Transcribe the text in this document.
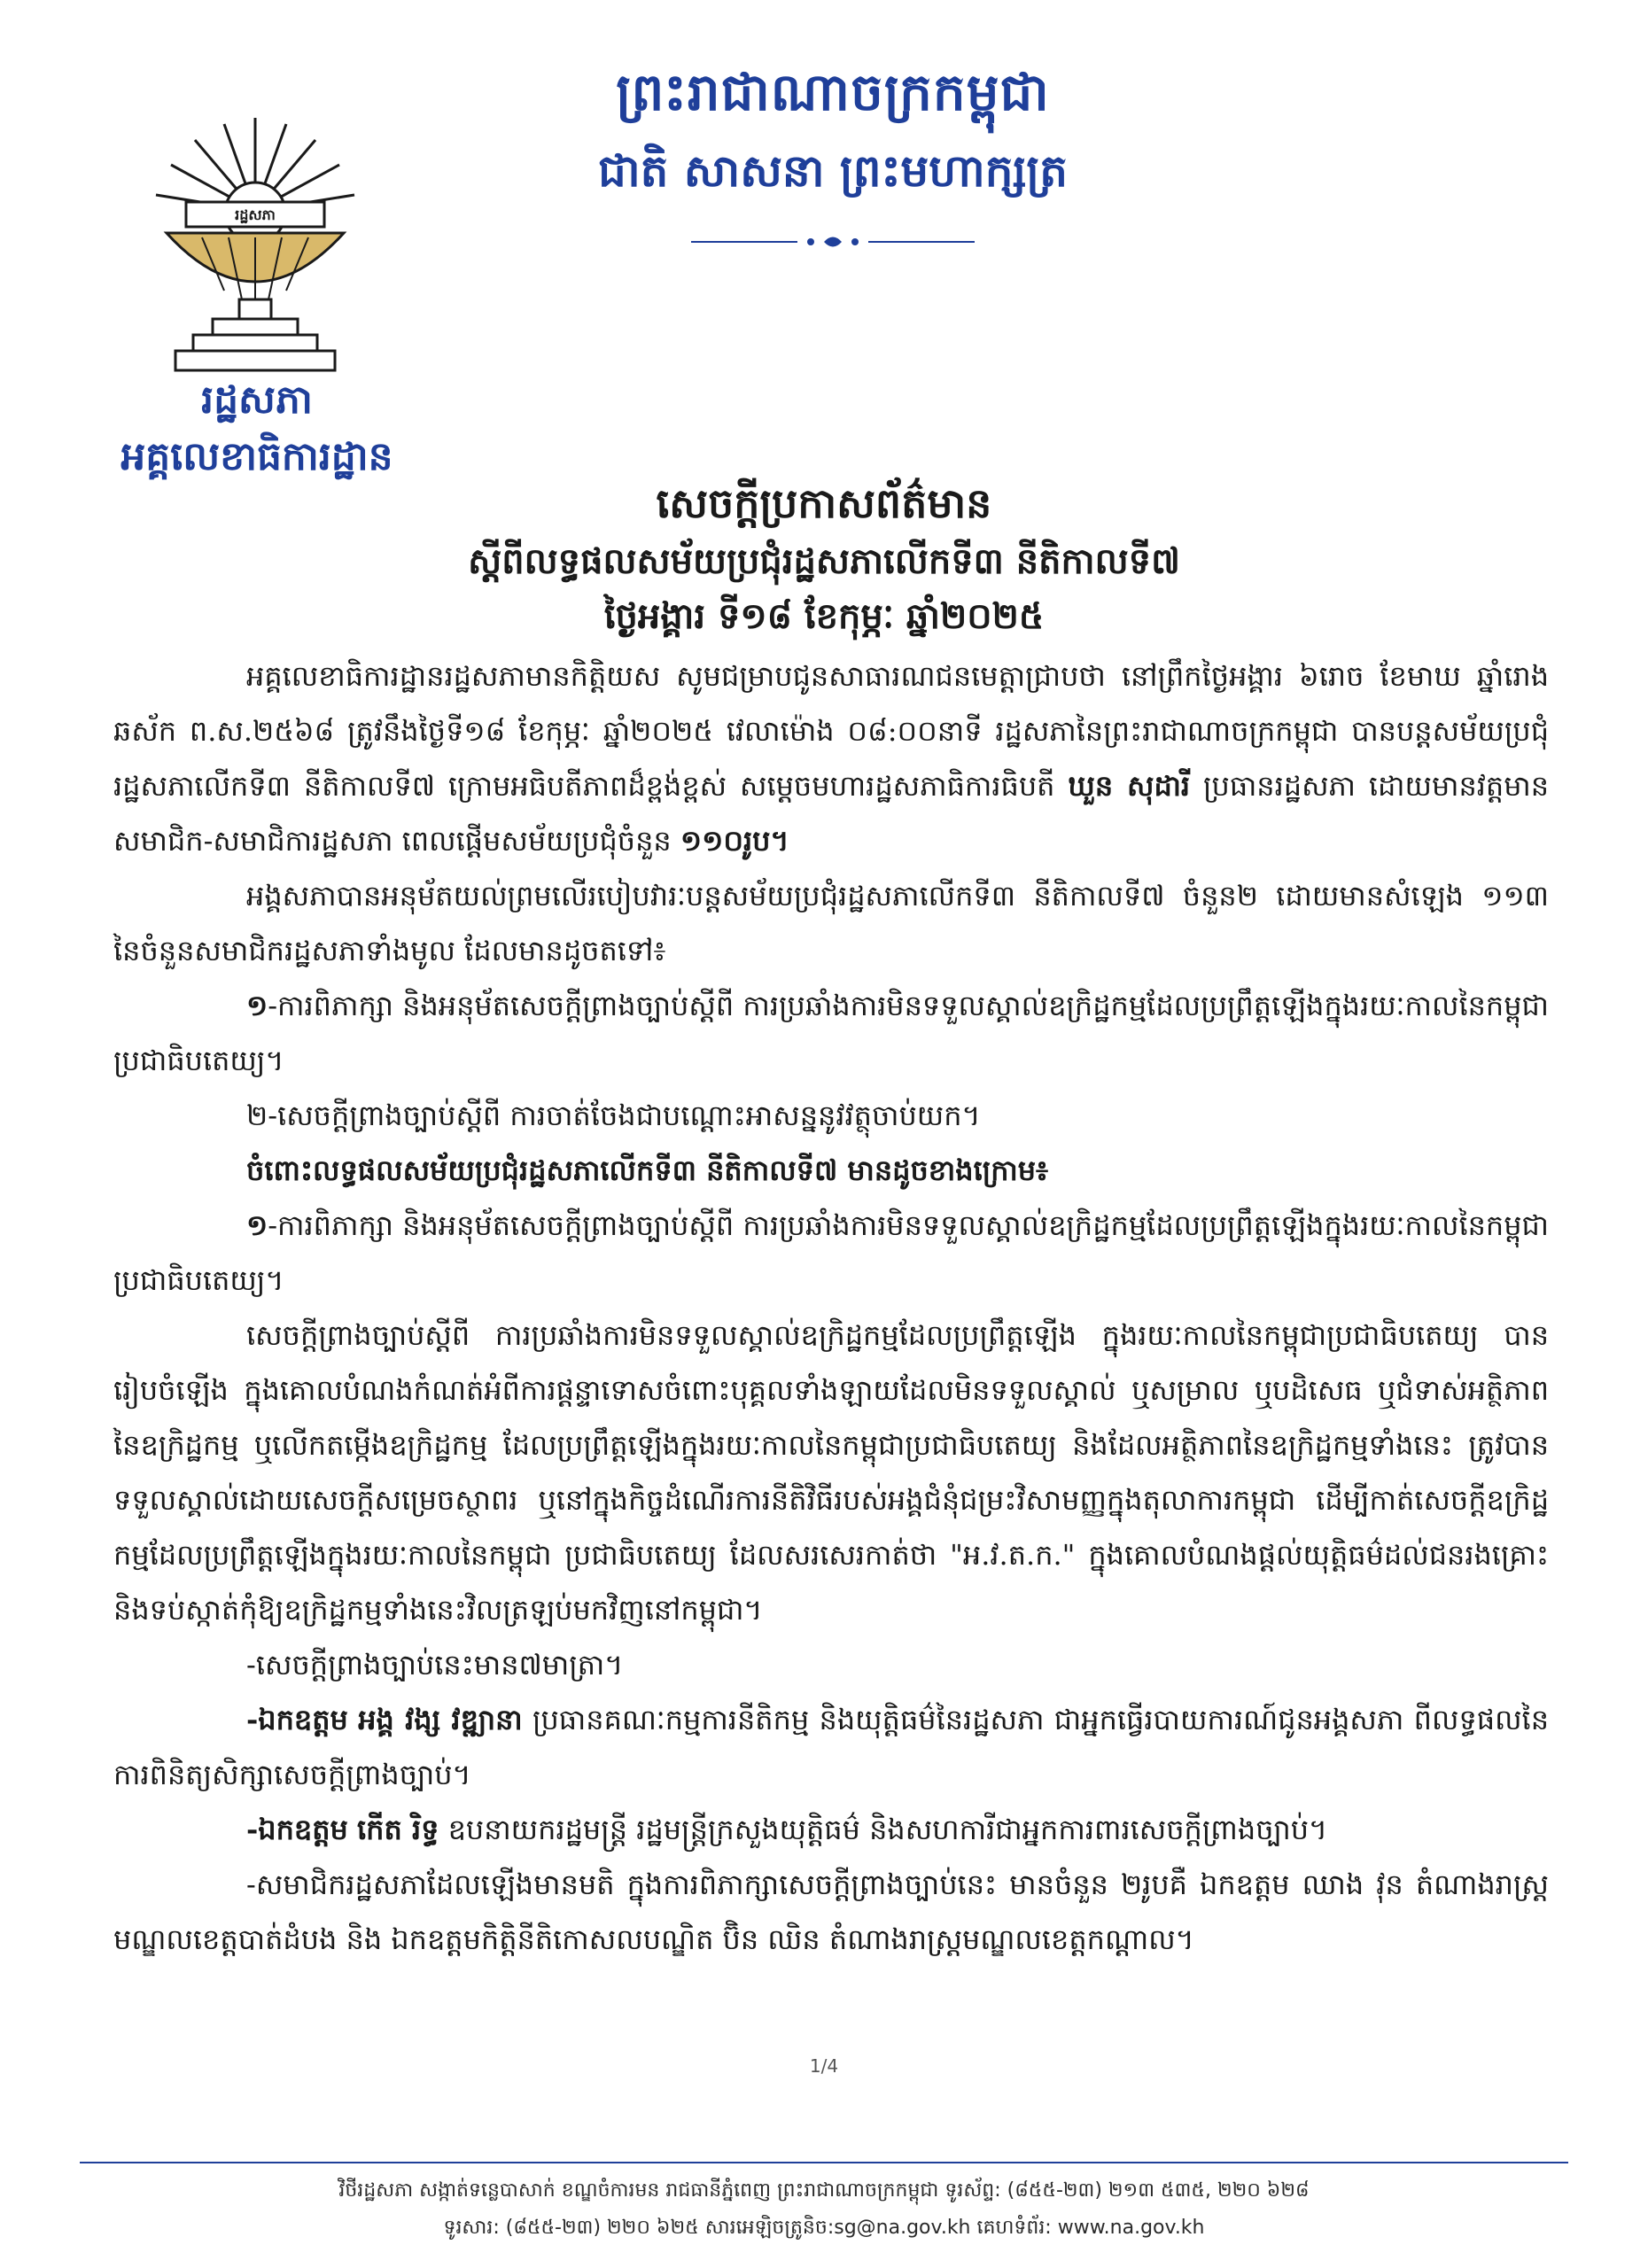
ព្រះរាជាណាចក្រកម្ពុជា
ជាតិ សាសនា ព្រះមហាក្សត្រ
រដ្ឋសភា
រដ្ឋសភា
អគ្គលេខាធិការដ្ឋាន
សេចក្តីប្រកាសព័ត៌មាន
ស្តីពីលទ្ធផលសម័យប្រជុំរដ្ឋសភាលើកទី៣ នីតិកាលទី៧
ថ្ងៃអង្គារ ទី១៨ ខែកុម្ភៈ ឆ្នាំ២០២៥

អគ្គលេខាធិការដ្ឋានរដ្ឋសភាមានកិត្តិយស សូមជម្រាបជូនសាធារណជនមេត្តាជ្រាបថា នៅព្រឹកថ្ងៃអង្គារ ៦រោច ខែមាឃ ឆ្នាំរោង ឆស័ក ព.ស.២៥៦៨ ត្រូវនឹងថ្ងៃទី១៨ ខែកុម្ភៈ ឆ្នាំ២០២៥ វេលាម៉ោង ០៨:០០នាទី រដ្ឋសភានៃព្រះរាជាណាចក្រកម្ពុជា បានបន្តសម័យប្រជុំរដ្ឋសភាលើកទី៣ នីតិកាលទី៧ ក្រោមអធិបតីភាពដ៏ខ្ពង់ខ្ពស់ សម្តេចមហារដ្ឋសភាធិការធិបតី ឃួន សុដារី ប្រធានរដ្ឋសភា ដោយមានវត្តមានសមាជិក-សមាជិការដ្ឋសភា ពេលផ្តើមសម័យប្រជុំចំនួន ១១០រូប។

អង្គសភាបានអនុម័តយល់ព្រមលើរបៀបវារៈបន្តសម័យប្រជុំរដ្ឋសភាលើកទី៣ នីតិកាលទី៧ ចំនួន២ ដោយមានសំឡេង ១១៣ នៃចំនួនសមាជិករដ្ឋសភាទាំងមូល ដែលមានដូចតទៅ៖

១-ការពិភាក្សា និងអនុម័តសេចក្តីព្រាងច្បាប់ស្តីពី ការប្រឆាំងការមិនទទួលស្គាល់ឧក្រិដ្ឋកម្មដែលប្រព្រឹត្តឡើងក្នុងរយៈកាលនៃកម្ពុជាប្រជាធិបតេយ្យ។

២-សេចក្តីព្រាងច្បាប់ស្តីពី ការចាត់ចែងជាបណ្តោះអាសន្ននូវវត្ថុចាប់យក។

ចំពោះលទ្ធផលសម័យប្រជុំរដ្ឋសភាលើកទី៣ នីតិកាលទី៧ មានដូចខាងក្រោម៖

១-ការពិភាក្សា និងអនុម័តសេចក្តីព្រាងច្បាប់ស្តីពី ការប្រឆាំងការមិនទទួលស្គាល់ឧក្រិដ្ឋកម្មដែលប្រព្រឹត្តឡើងក្នុងរយៈកាលនៃកម្ពុជាប្រជាធិបតេយ្យ។

សេចក្តីព្រាងច្បាប់ស្តីពី ការប្រឆាំងការមិនទទួលស្គាល់ឧក្រិដ្ឋកម្មដែលប្រព្រឹត្តឡើង ក្នុងរយៈកាលនៃកម្ពុជាប្រជាធិបតេយ្យ បានរៀបចំឡើង ក្នុងគោលបំណងកំណត់អំពីការផ្តន្ទាទោសចំពោះបុគ្គលទាំងឡាយដែលមិនទទួលស្គាល់ ឬសម្រាល ឬបដិសេធ ឬជំទាស់អត្ថិភាពនៃឧក្រិដ្ឋកម្ម ឬលើកតម្កើងឧក្រិដ្ឋកម្ម ដែលប្រព្រឹត្តឡើងក្នុងរយៈកាលនៃកម្ពុជាប្រជាធិបតេយ្យ និងដែលអត្ថិភាពនៃឧក្រិដ្ឋកម្មទាំងនេះ ត្រូវបានទទួលស្គាល់ដោយសេចក្តីសម្រេចស្ថាពរ ឬនៅក្នុងកិច្ចដំណើរការនីតិវិធីរបស់អង្គជំនុំជម្រះវិសាមញ្ញក្នុងតុលាការកម្ពុជា ដើម្បីកាត់សេចក្តីឧក្រិដ្ឋកម្មដែលប្រព្រឹត្តឡើងក្នុងរយៈកាលនៃកម្ពុជា ប្រជាធិបតេយ្យ ដែលសរសេរកាត់ថា "អ.វ.ត.ក." ក្នុងគោលបំណងផ្តល់យុត្តិធម៌ដល់ជនរងគ្រោះ និងទប់ស្កាត់កុំឱ្យឧក្រិដ្ឋកម្មទាំងនេះវិលត្រឡប់មកវិញនៅកម្ពុជា។

-សេចក្តីព្រាងច្បាប់នេះមាន៧មាត្រា។

-ឯកឧត្តម អង្គ វង្ស វឌ្ឍានា ប្រធានគណៈកម្មការនីតិកម្ម និងយុត្តិធម៌នៃរដ្ឋសភា ជាអ្នកធ្វើរបាយការណ៍ជូនអង្គសភា ពីលទ្ធផលនៃការពិនិត្យសិក្សាសេចក្តីព្រាងច្បាប់។

-ឯកឧត្តម កើត រិទ្ធ ឧបនាយករដ្ឋមន្ត្រី រដ្ឋមន្ត្រីក្រសួងយុត្តិធម៌ និងសហការីជាអ្នកការពារសេចក្តីព្រាងច្បាប់។

-សមាជិករដ្ឋសភាដែលឡើងមានមតិ ក្នុងការពិភាក្សាសេចក្តីព្រាងច្បាប់នេះ មានចំនួន ២រូបគឺ ឯកឧត្តម ឈាង វុន តំណាងរាស្ត្រមណ្ឌលខេត្តបាត់ដំបង និង ឯកឧត្តមកិត្តិនីតិកោសលបណ្ឌិត ប៊ិន ឈិន តំណាងរាស្ត្រមណ្ឌលខេត្តកណ្តាល។

1/4
វិថីរដ្ឋសភា សង្កាត់ទន្លេបាសាក់ ខណ្ឌចំការមន រាជធានីភ្នំពេញ ព្រះរាជាណាចក្រកម្ពុជា ទូរស័ព្ទ: (៨៥៥-២៣) ២១៣ ៥៣៥, ២២០ ៦២៨
ទូរសារ: (៨៥៥-២៣) ២២០ ៦២៥ សារអេឡិចត្រូនិច:sg@na.gov.kh គេហទំព័រ: www.na.gov.kh
